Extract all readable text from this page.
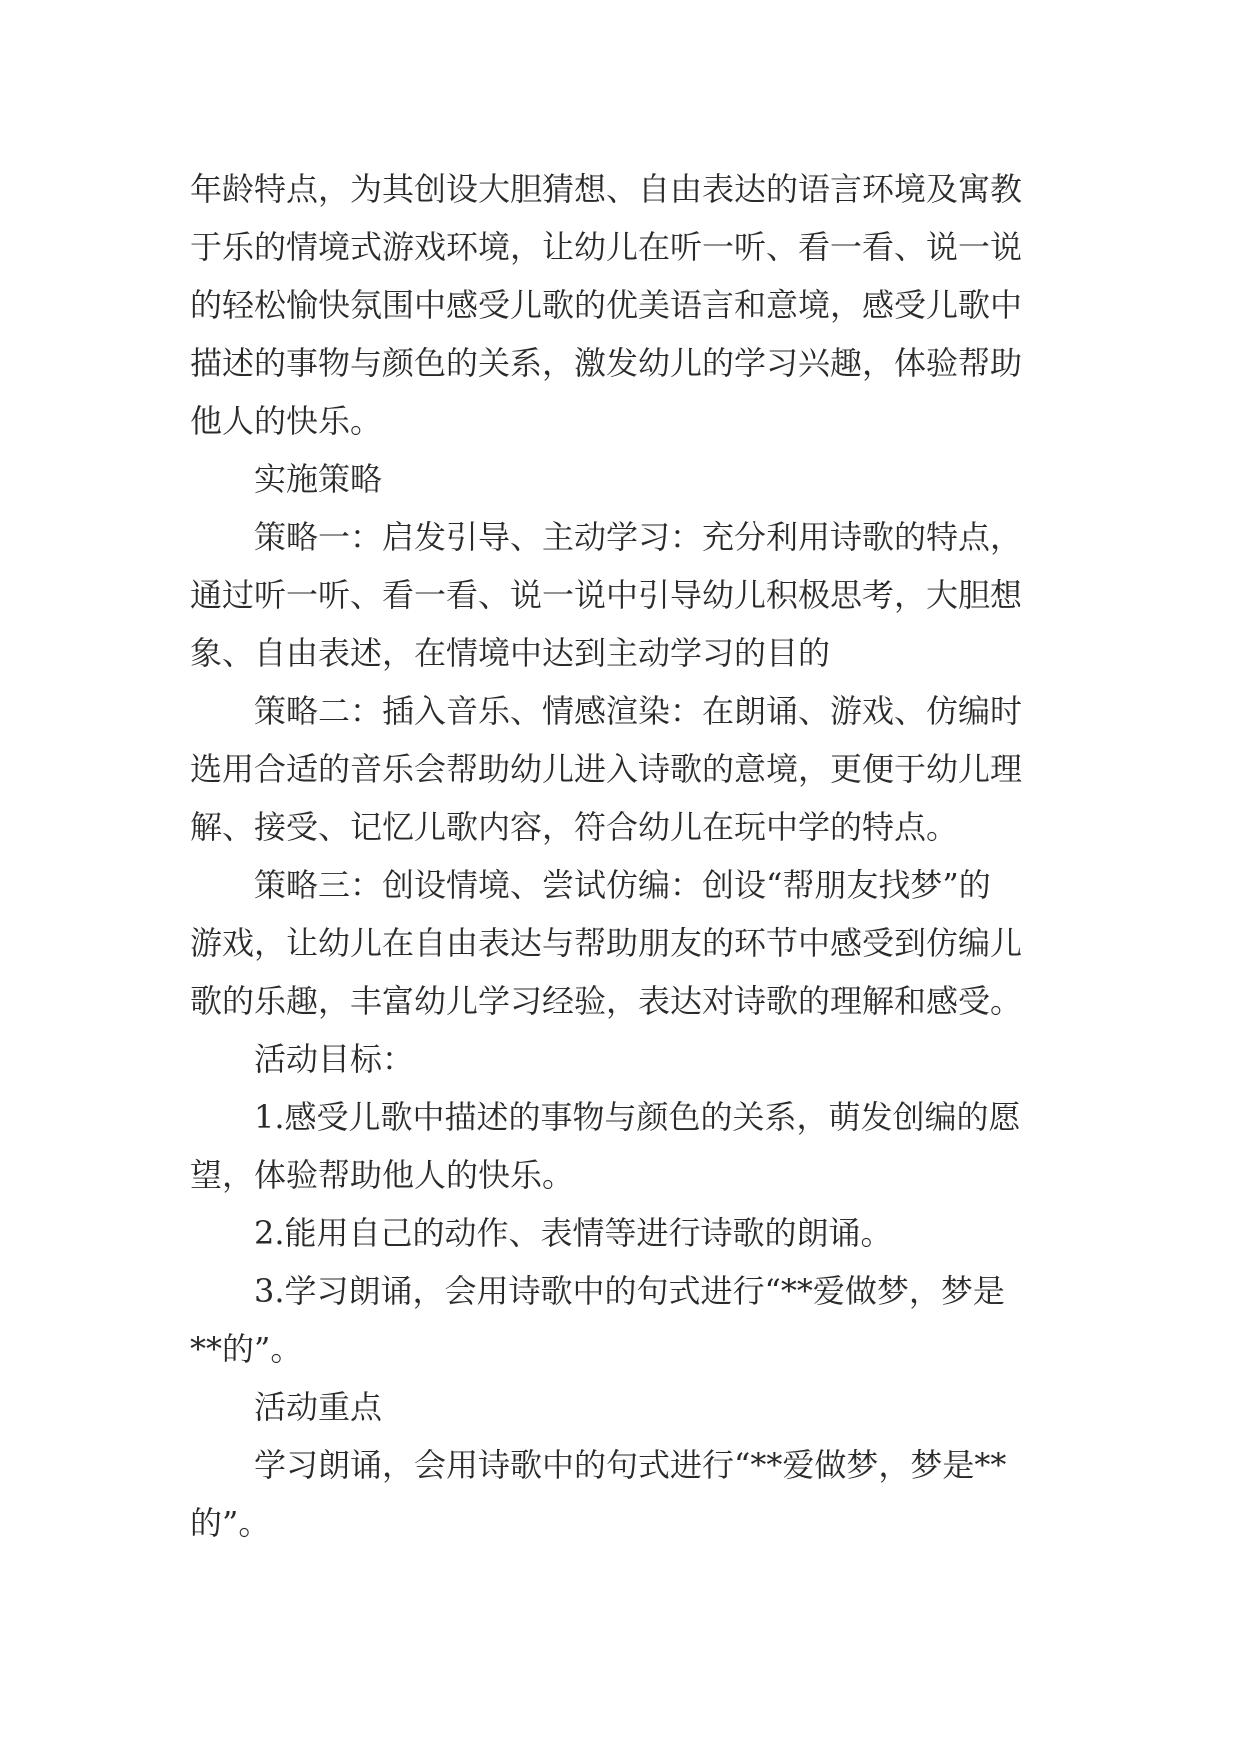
年龄特点，为其创设大胆猜想、自由表达的语言环境及寓教
于乐的情境式游戏环境，让幼儿在听一听、看一看、说一说
的轻松愉快氛围中感受儿歌的优美语言和意境，感受儿歌中
描述的事物与颜色的关系，激发幼儿的学习兴趣，体验帮助
他人的快乐。
实施策略
策略一：启发引导、主动学习：充分利用诗歌的特点，
通过听一听、看一看、说一说中引导幼儿积极思考，大胆想
象、自由表述，在情境中达到主动学习的目的
策略二：插入音乐、情感渲染：在朗诵、游戏、仿编时
选用合适的音乐会帮助幼儿进入诗歌的意境，更便于幼儿理
解、接受、记忆儿歌内容，符合幼儿在玩中学的特点。
策略三：创设情境、尝试仿编：创设“帮朋友找梦”的
游戏，让幼儿在自由表达与帮助朋友的环节中感受到仿编儿
歌的乐趣，丰富幼儿学习经验，表达对诗歌的理解和感受。
活动目标：
1.感受儿歌中描述的事物与颜色的关系，萌发创编的愿
望，体验帮助他人的快乐。
2.能用自己的动作、表情等进行诗歌的朗诵。
3.学习朗诵，会用诗歌中的句式进行“**爱做梦，梦是
**的”。
活动重点
学习朗诵，会用诗歌中的句式进行“**爱做梦，梦是**
的”。
